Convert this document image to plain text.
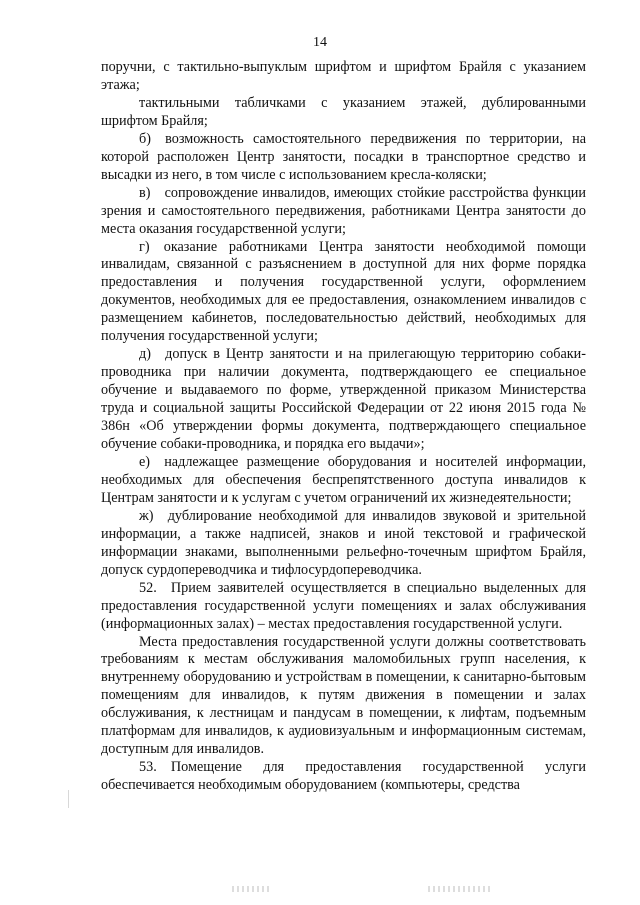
14

поручни, с тактильно-выпуклым шрифтом и шрифтом Брайля с указанием этажа;

тактильными табличками с указанием этажей, дублированными шрифтом Брайля;

б) возможность самостоятельного передвижения по территории, на которой расположен Центр занятости, посадки в транспортное средство и высадки из него, в том числе с использованием кресла-коляски;

в) сопровождение инвалидов, имеющих стойкие расстройства функции зрения и самостоятельного передвижения, работниками Центра занятости до места оказания государственной услуги;

г) оказание работниками Центра занятости необходимой помощи инвалидам, связанной с разъяснением в доступной для них форме порядка предоставления и получения государственной услуги, оформлением документов, необходимых для ее предоставления, ознакомлением инвалидов с размещением кабинетов, последовательностью действий, необходимых для получения государственной услуги;

д) допуск в Центр занятости и на прилегающую территорию собаки-проводника при наличии документа, подтверждающего ее специальное обучение и выдаваемого по форме, утвержденной приказом Министерства труда и социальной защиты Российской Федерации от 22 июня 2015 года № 386н «Об утверждении формы документа, подтверждающего специальное обучение собаки-проводника, и порядка его выдачи»;

е) надлежащее размещение оборудования и носителей информации, необходимых для обеспечения беспрепятственного доступа инвалидов к Центрам занятости и к услугам с учетом ограничений их жизнедеятельности;

ж) дублирование необходимой для инвалидов звуковой и зрительной информации, а также надписей, знаков и иной текстовой и графической информации знаками, выполненными рельефно-точечным шрифтом Брайля, допуск сурдопереводчика и тифлосурдопереводчика.

52. Прием заявителей осуществляется в специально выделенных для предоставления государственной услуги помещениях и залах обслуживания (информационных залах) – местах предоставления государственной услуги.

Места предоставления государственной услуги должны соответствовать требованиям к местам обслуживания маломобильных групп населения, к внутреннему оборудованию и устройствам в помещении, к санитарно-бытовым помещениям для инвалидов, к путям движения в помещении и залах обслуживания, к лестницам и пандусам в помещении, к лифтам, подъемным платформам для инвалидов, к аудиовизуальным и информационным системам, доступным для инвалидов.

53. Помещение для предоставления государственной услуги обеспечивается необходимым оборудованием (компьютеры, средства
